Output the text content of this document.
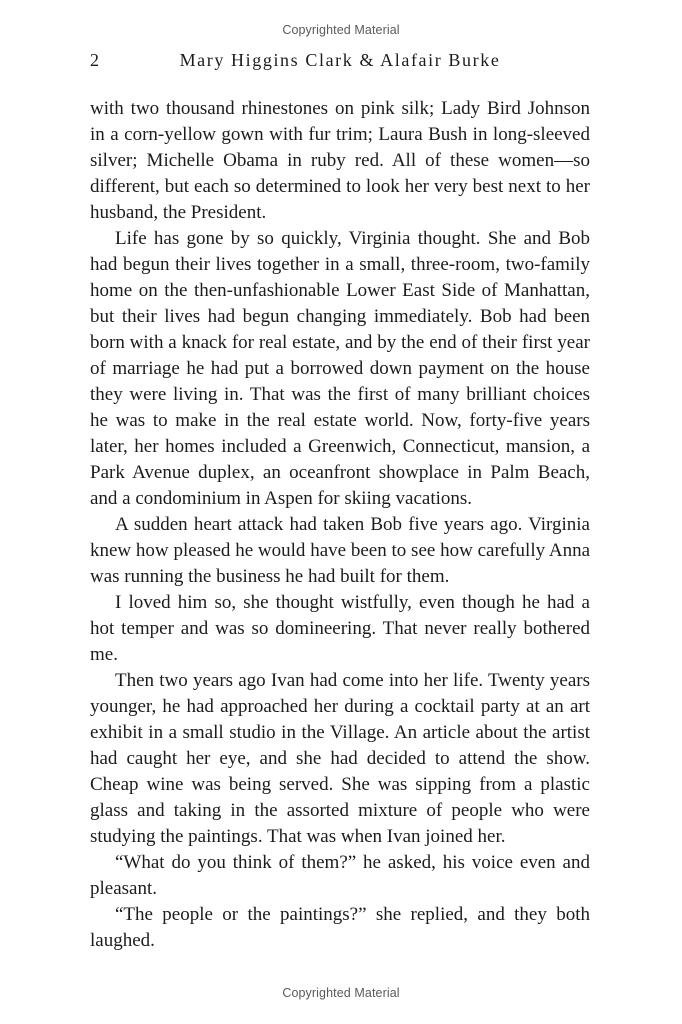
Copyrighted Material
2	Mary Higgins Clark & Alafair Burke

with two thousand rhinestones on pink silk; Lady Bird Johnson in a corn-yellow gown with fur trim; Laura Bush in long-sleeved silver; Michelle Obama in ruby red. All of these women—so different, but each so determined to look her very best next to her husband, the President.

Life has gone by so quickly, Virginia thought. She and Bob had begun their lives together in a small, three-room, two-family home on the then-unfashionable Lower East Side of Manhattan, but their lives had begun changing immediately. Bob had been born with a knack for real estate, and by the end of their first year of marriage he had put a borrowed down payment on the house they were living in. That was the first of many brilliant choices he was to make in the real estate world. Now, forty-five years later, her homes included a Greenwich, Connecticut, mansion, a Park Avenue duplex, an oceanfront showplace in Palm Beach, and a condominium in Aspen for skiing vacations.

A sudden heart attack had taken Bob five years ago. Virginia knew how pleased he would have been to see how carefully Anna was running the business he had built for them.

I loved him so, she thought wistfully, even though he had a hot temper and was so domineering. That never really bothered me.

Then two years ago Ivan had come into her life. Twenty years younger, he had approached her during a cocktail party at an art exhibit in a small studio in the Village. An article about the artist had caught her eye, and she had decided to attend the show. Cheap wine was being served. She was sipping from a plastic glass and taking in the assorted mixture of people who were studying the paintings. That was when Ivan joined her.

“What do you think of them?” he asked, his voice even and pleasant.

“The people or the paintings?” she replied, and they both laughed.

Copyrighted Material
